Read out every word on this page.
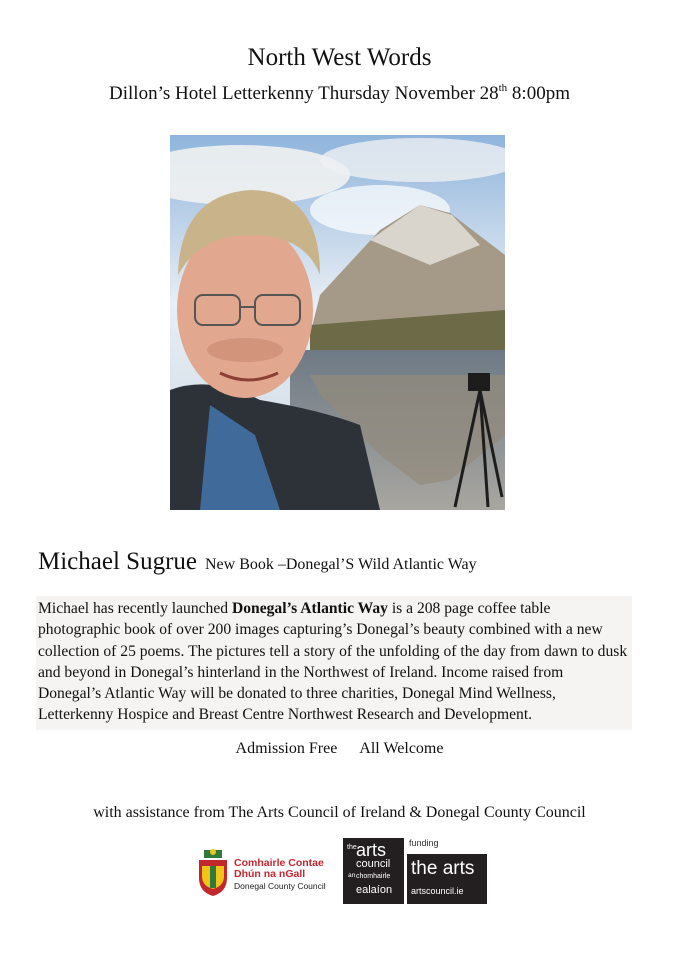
North West Words
Dillon’s Hotel Letterkenny Thursday November 28th 8:00pm
Michael Sugrue New Book –Donegal’S Wild Atlantic Way
Michael has recently launched Donegal’s Atlantic Way is a 208 page coffee table photographic book of over 200 images capturing’s Donegal’s beauty combined with a new collection of 25 poems. The pictures tell a story of the unfolding of the day from dawn to dusk and beyond in Donegal’s hinterland in the Northwest of Ireland. Income raised from Donegal’s Atlantic Way will be donated to three charities, Donegal Mind Wellness, Letterkenny Hospice and Breast Centre Northwest Research and Development.
Admission Free All Welcome
with assistance from The Arts Council of Ireland & Donegal County Council
Comhairle Contae
Dhún na nGall
Donegal County Council
the arts
council
an chomhairle
ealaíon
funding
the arts
artscouncil.ie
